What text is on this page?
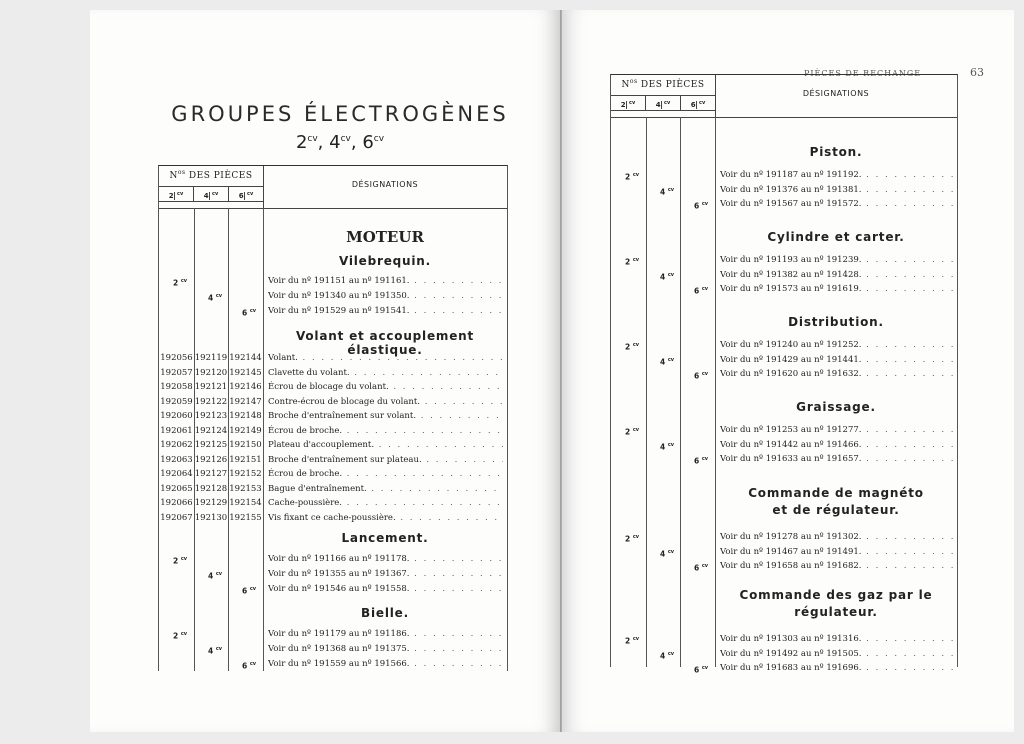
GROUPES ÉLECTROGÈNES
$2^{cv}$, $4^{cv}$, $6^{cv}$
$N^{os}$ DES PIÈCES
2 $^{cv}$	4 $^{cv}$	6 $^{cv}$
DÉSIGNATIONS
MOTEUR
Vilebrequin.
Volant et accouplement élastique.
Lancement.
Bielle.
2 $^{cv}$	Voir du nº 191151 au nº 191161. . . .
4 $^{cv}$	Voir du nº 191340 au nº 191350. . . .
6 $^{cv}$ Voir du nº 191529 au nº 191541. . . .
192056 192119 192144 Volant. . . .
192057 192120 192145 Clavette du volant. . . .
192058 192121 192146 Écrou de blocage du volant. . . .
192059 192122 192147 Contre-écrou de blocage du volant. . . .
192060 192123 192148 Broche d'entraînement sur volant. . . .
192061 192124 192149 Écrou de broche. . . .
192062 192125 192150 Plateau d'accouplement. . . .
192063 192126 192151 Broche d'entraînement sur plateau. . . .
192064 192127 192152 Écrou de broche. . . .
192065 192128 192153 Bague d'entraînement. . . .
192066 192129 192154 Cache-poussière. . . .
192067 192130 192155 Vis fixant ce cache-poussière. . . .
2 $^{cv}$	Voir du nº 191166 au nº 191178. . . .
4 $^{cv}$	Voir du nº 191355 au nº 191367. . . .
6 $^{cv}$ Voir du nº 191546 au nº 191558. . . .
2 $^{cv}$	Voir du nº 191179 au nº 191186. . . .
4 $^{cv}$	Voir du nº 191368 au nº 191375. . . .
6 $^{cv}$ Voir du nº 191559 au nº 191566. . . .
PIÈCES DE RECHANGE	63
$N^{os}$ DES PIÈCES
2 $^{cv}$	4 $^{cv}$	6 $^{cv}$
DÉSIGNATIONS
Piston.
2 $^{cv}$	Voir du nº 191187 au nº 191192. . . .
4 $^{cv}$	Voir du nº 191376 au nº 191381. . . .
6 $^{cv}$ Voir du nº 191567 au nº 191572. . . .
Cylindre et carter.
2 $^{cv}$	Voir du nº 191193 au nº 191239. . . .
4 $^{cv}$	Voir du nº 191382 au nº 191428. . . .
6 $^{cv}$ Voir du nº 191573 au nº 191619. . . .
Distribution.
2 $^{cv}$	Voir du nº 191240 au nº 191252. . . .
4 $^{cv}$	Voir du nº 191429 au nº 191441. . . .
6 $^{cv}$ Voir du nº 191620 au nº 191632. . . .
Graissage.
2 $^{cv}$	Voir du nº 191253 au nº 191277. . . .
4 $^{cv}$	Voir du nº 191442 au nº 191466. . . .
6 $^{cv}$ Voir du nº 191633 au nº 191657. . . .
Commande de magnéto
et de régulateur.
2 $^{cv}$	Voir du nº 191278 au nº 191302. . . .
4 $^{cv}$	Voir du nº 191467 au nº 191491. . . .
6 $^{cv}$ Voir du nº 191658 au nº 191682. . . .
Commande des gaz par le
régulateur.
2 $^{cv}$	Voir du nº 191303 au nº 191316. . . .
4 $^{cv}$	Voir du nº 191492 au nº 191505. . . .
6 $^{cv}$ Voir du nº 191683 au nº 191696. . . .
